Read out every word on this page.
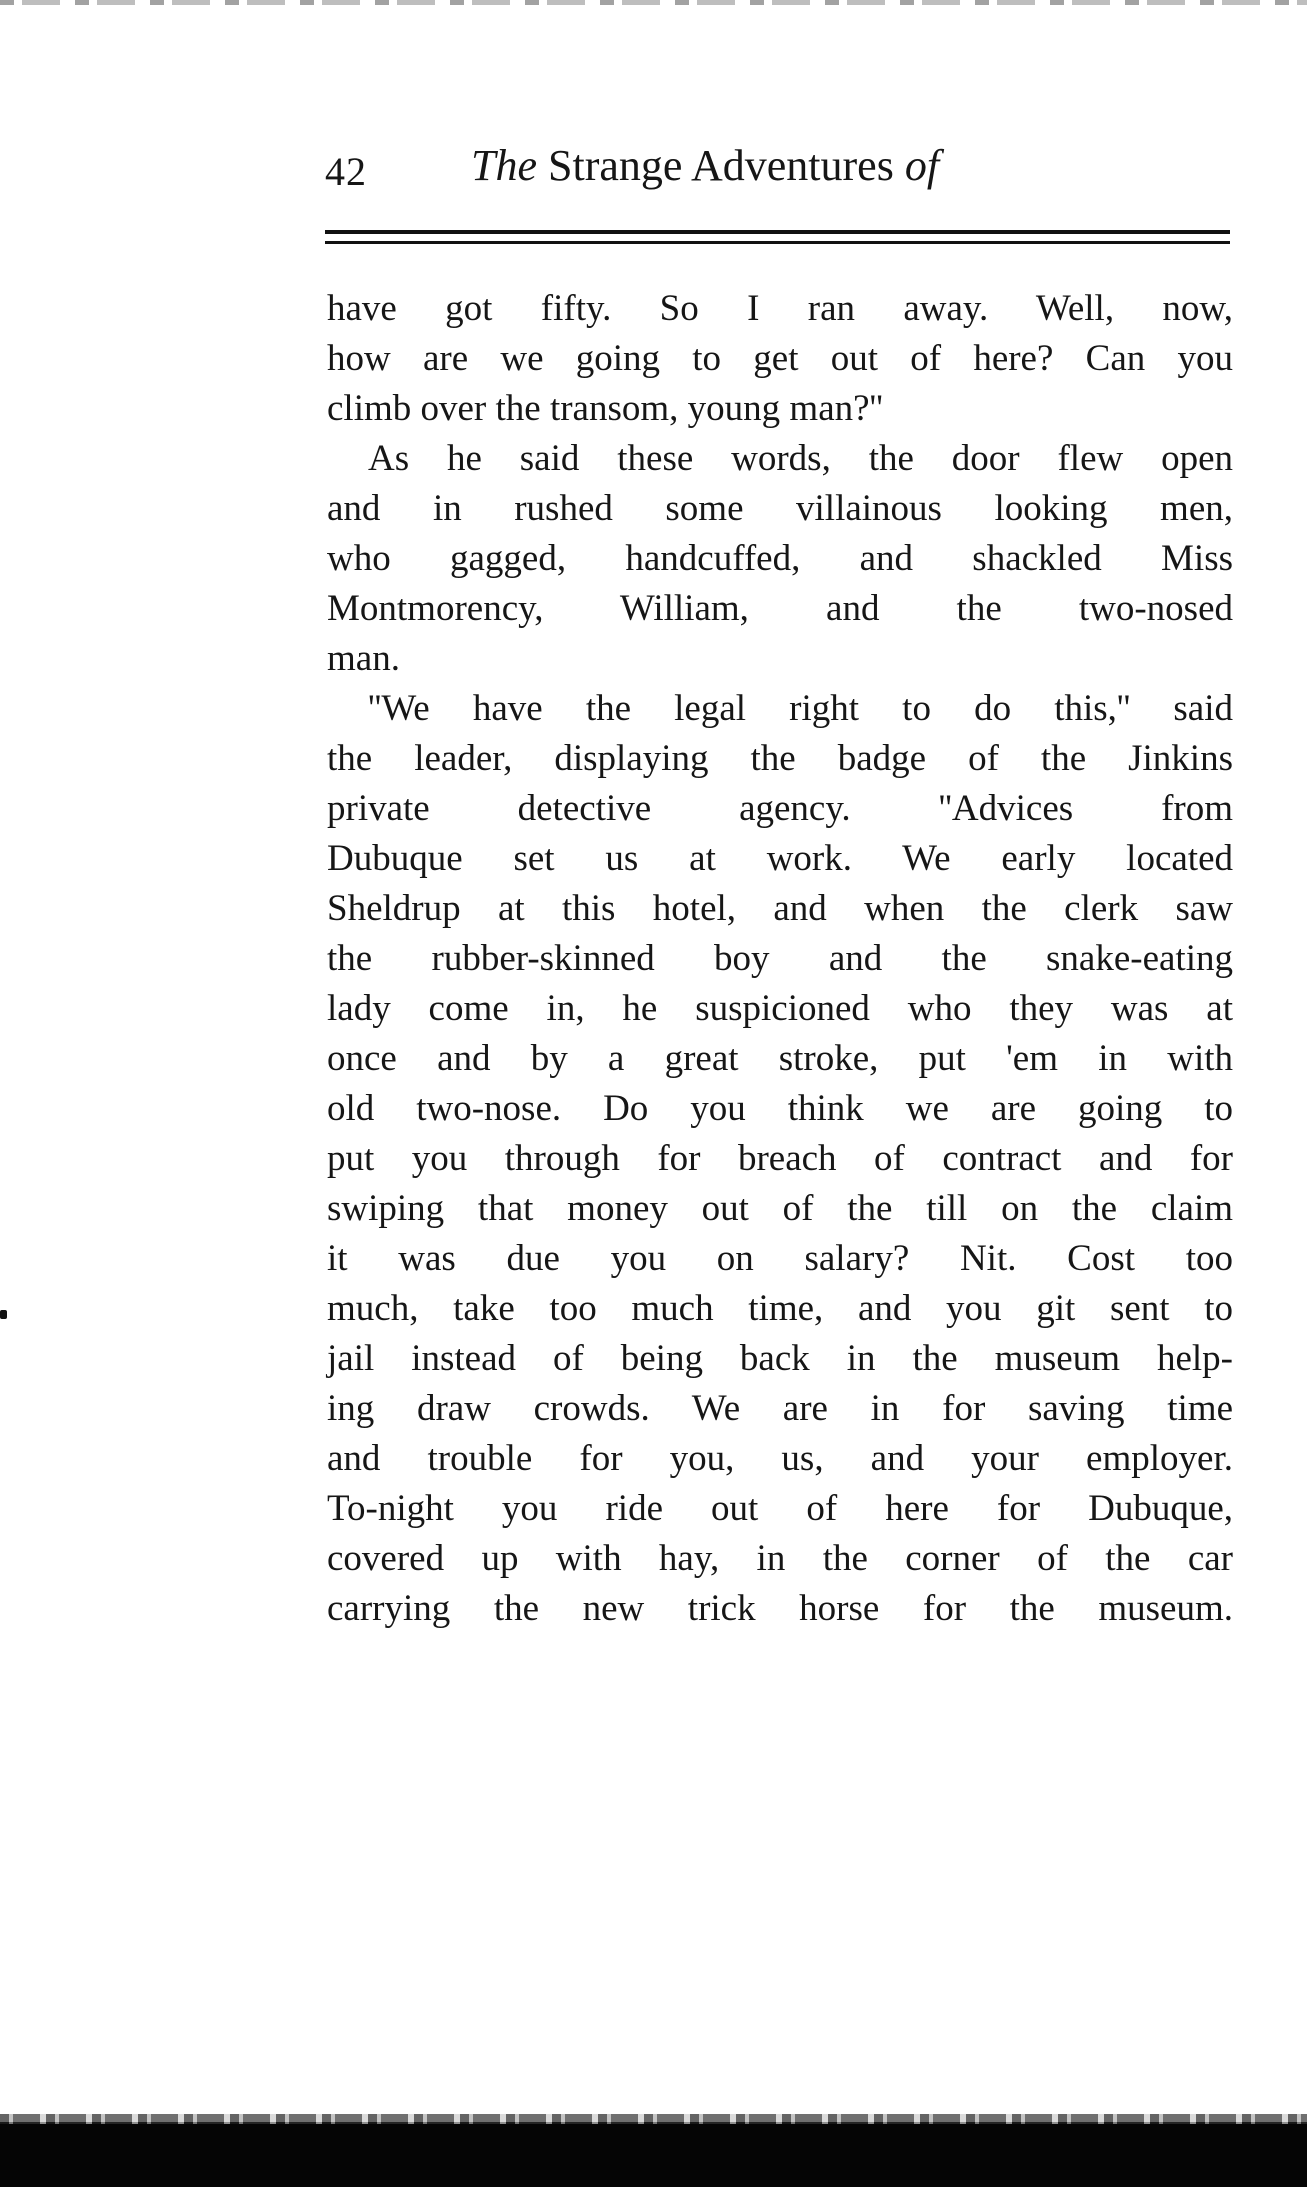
42 The Strange Adventures of
have got fifty. So I ran away. Well, now,
how are we going to get out of here? Can you
climb over the transom, young man?''
As he said these words, the door flew open
and in rushed some villainous looking men,
who gagged, handcuffed, and shackled Miss
Montmorency, William, and the two-nosed
man.
''We have the legal right to do this,'' said
the leader, displaying the badge of the Jinkins
private detective agency. ''Advices from
Dubuque set us at work. We early located
Sheldrup at this hotel, and when the clerk saw
the rubber-skinned boy and the snake-eating
lady come in, he suspicioned who they was at
once and by a great stroke, put 'em in with
old two-nose. Do you think we are going to
put you through for breach of contract and for
swiping that money out of the till on the claim
it was due you on salary? Nit. Cost too
much, take too much time, and you git sent to
jail instead of being back in the museum help-
ing draw crowds. We are in for saving time
and trouble for you, us, and your employer.
To-night you ride out of here for Dubuque,
covered up with hay, in the corner of the car
carrying the new trick horse for the museum.
